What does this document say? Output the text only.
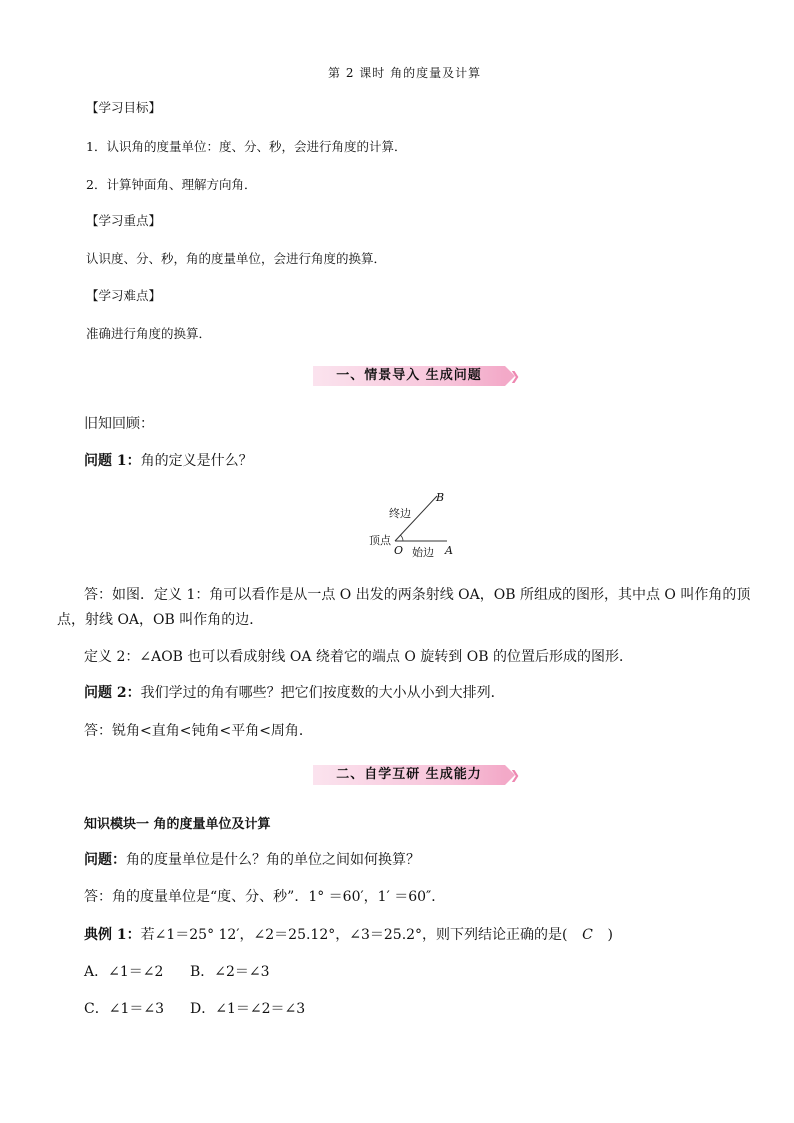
第 2 课时 角的度量及计算
【学习目标】
1．认识角的度量单位：度、分、秒，会进行角度的计算．
2．计算钟面角、理解方向角．
【学习重点】
认识度、分、秒，角的度量单位，会进行角度的换算．
【学习难点】
准确进行角度的换算．
一、情景导入 生成问题 ❯
旧知回顾：
问题 1：角的定义是什么？
B
终边
顶点
O 始边 A
答：如图．定义 1：角可以看作是从一点 O 出发的两条射线 OA，OB 所组成的图形，其中点 O 叫作角的顶
点，射线 OA，OB 叫作角的边．
定义 2：∠AOB 也可以看成射线 OA 绕着它的端点 O 旋转到 OB 的位置后形成的图形．
问题 2：我们学过的角有哪些？把它们按度数的大小从小到大排列．
答：锐角<直角<钝角<平角<周角．
二、自学互研 生成能力 ❯
知识模块一 角的度量单位及计算
问题：角的度量单位是什么？角的单位之间如何换算？
答：角的度量单位是“度、分、秒”．1° ＝60′，1′ ＝60″．
典例 1：若∠1＝25° 12′，∠2＝25.12°，∠3＝25.2°，则下列结论正确的是( C )
A．∠1＝∠2 B．∠2＝∠3
C．∠1＝∠3 D．∠1＝∠2＝∠3
